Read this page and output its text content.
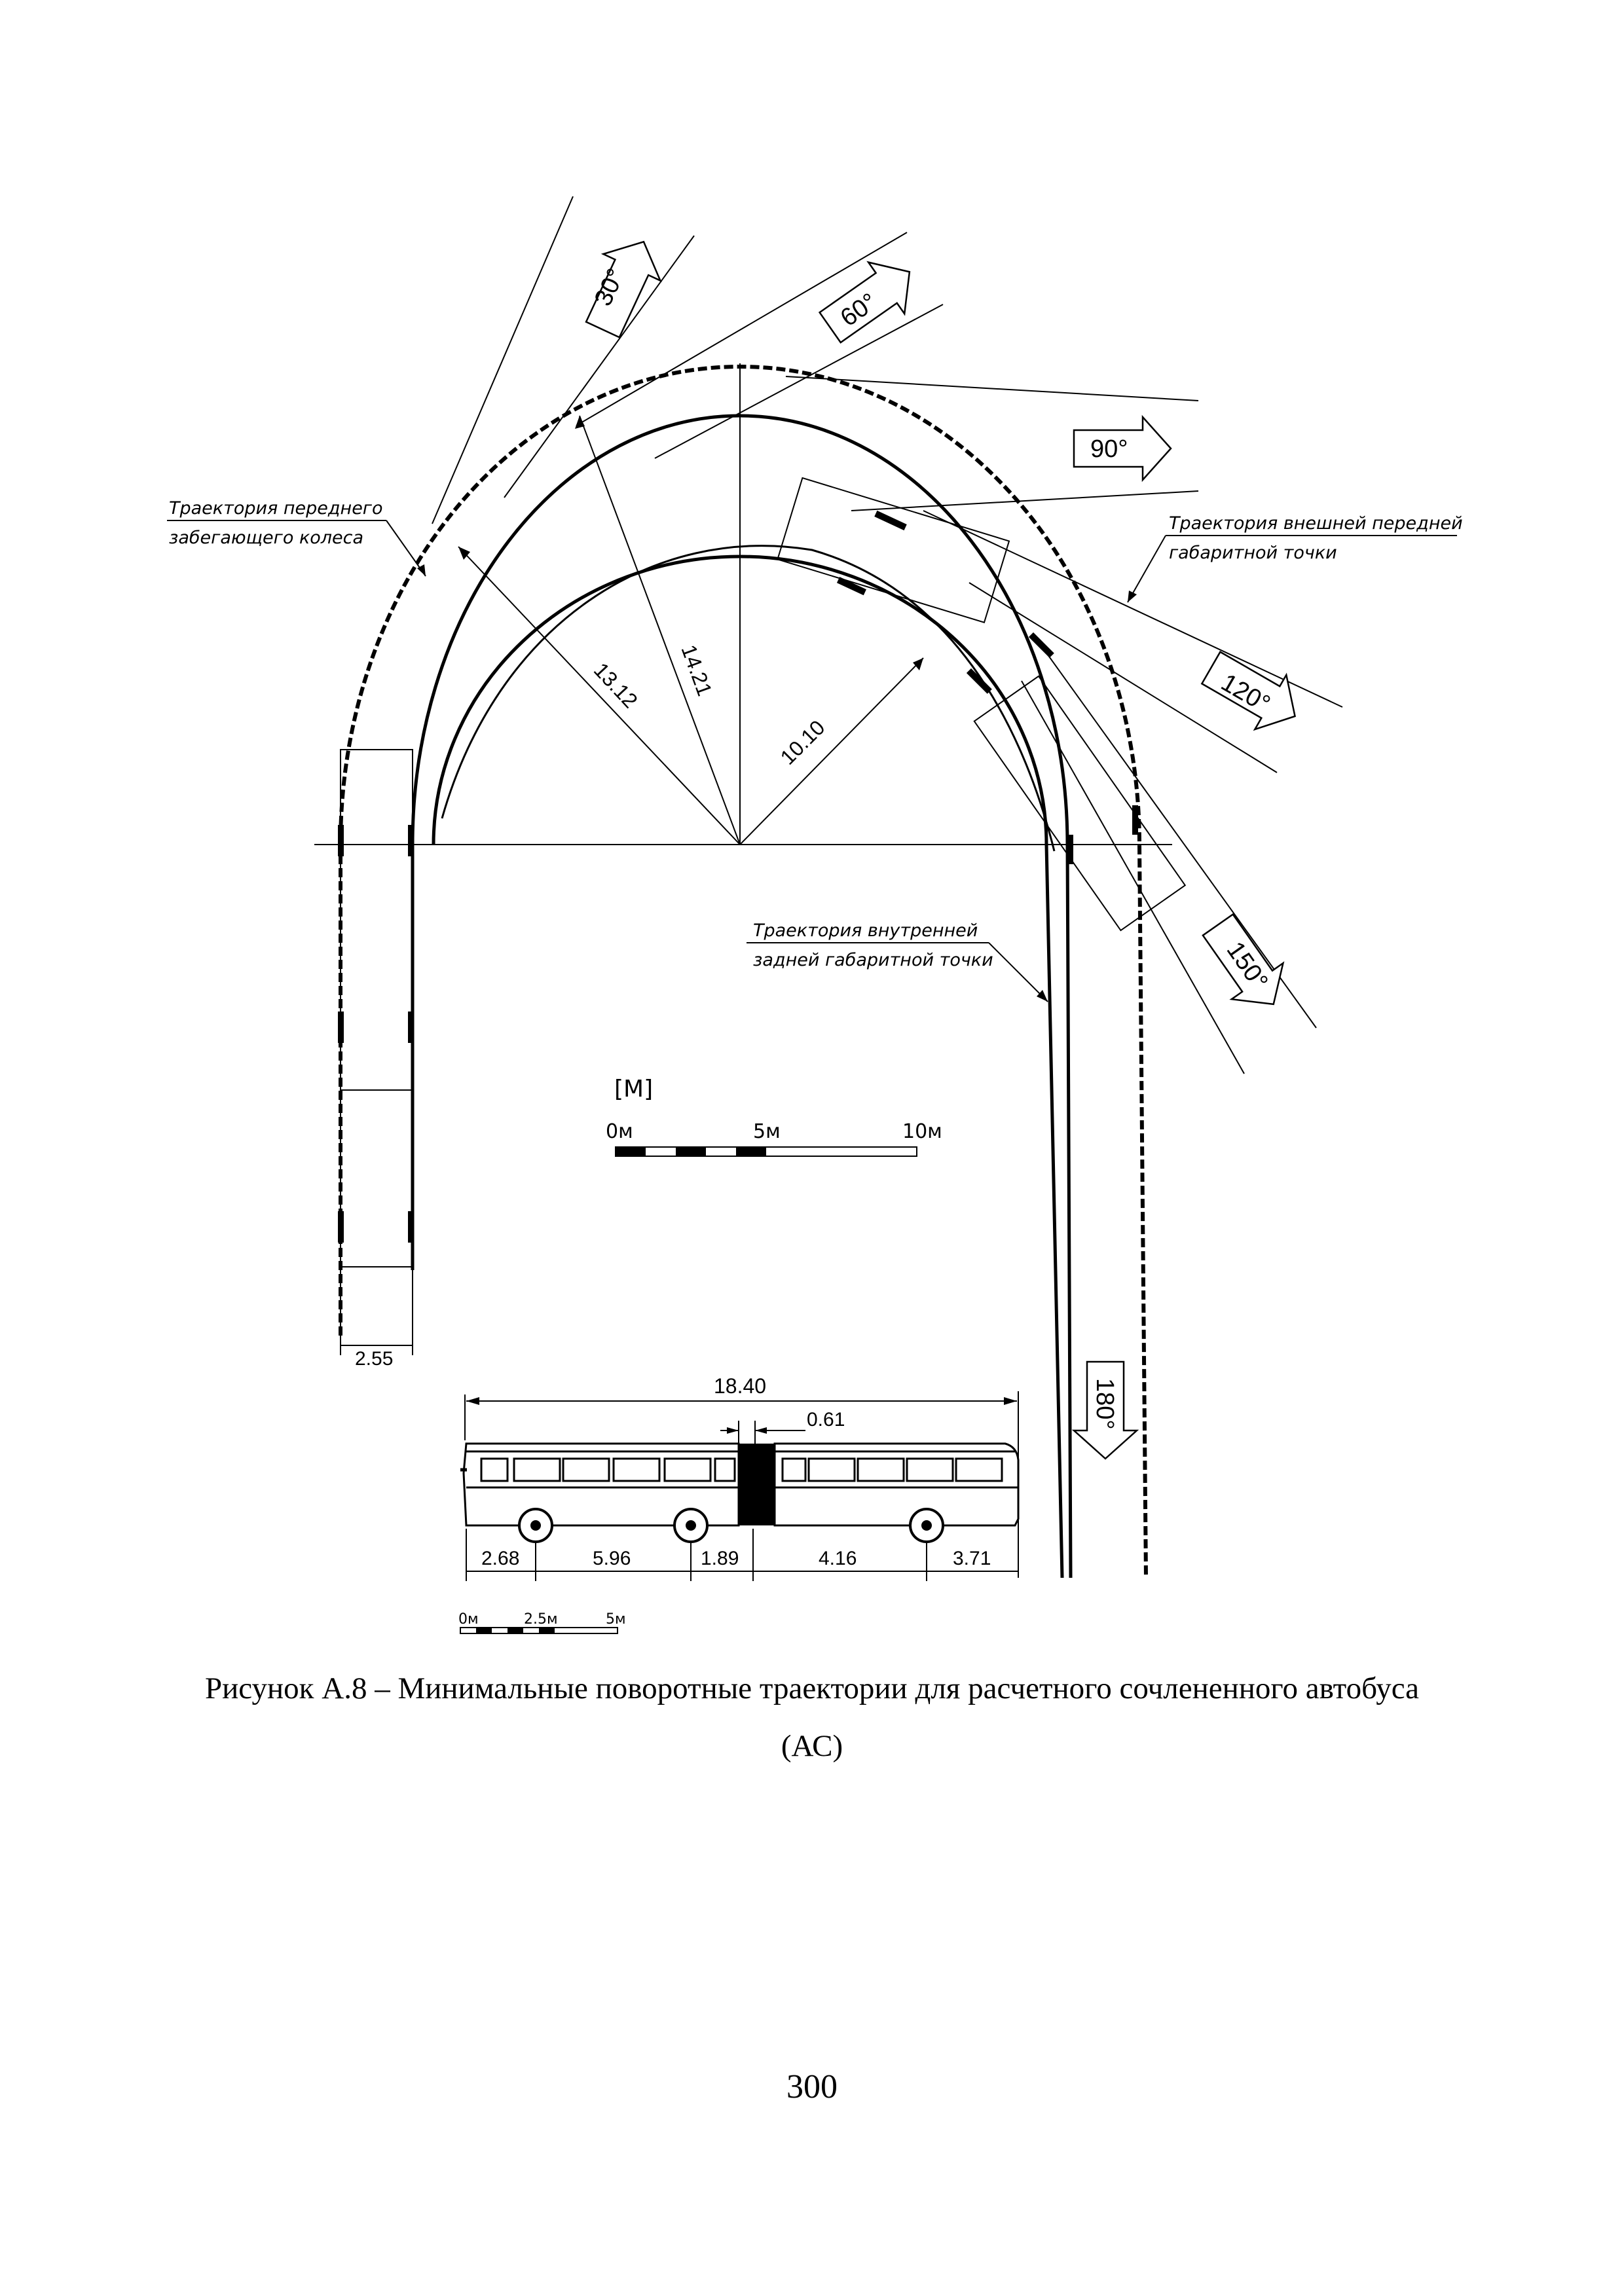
2.55
30°	60°
90°
120°
150°
180°
13.12 14.21
10.10
Траектория переднего
забегающего колеса
Траектория внешней передней
габаритной точки
Траектория внутренней
задней габаритной точки
[М]
0м	5м	10м
18.40
0.61
2.68	5.96	1.89	4.16	3.71
0м	2.5м	5м
Рисунок А.8 – Минимальные поворотные траектории для расчетного сочлененного автобуса
(АС)
300
